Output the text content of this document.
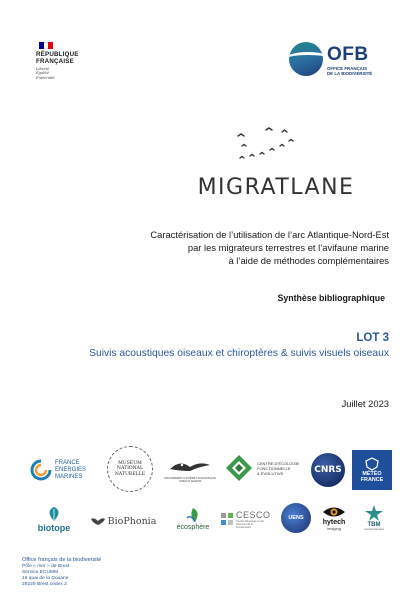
RÉPUBLIQUE
FRANÇAISE
Liberté
Égalité
Fraternité
OFB
OFFICE FRANÇAIS
DE LA BIODIVERSITÉ
MIGRATLANE
Caractérisation de l’utilisation de l’arc Atlantique-Nord-Est
par les migrateurs terrestres et l’avifaune marine
à l’aide de méthodes complémentaires
Synthèse bibliographique
LOT 3
Suivis acoustiques oiseaux et chiroptères & suivis visuels oiseaux
Juillet 2023
FRANCE
ENERGIES
MARINES
MUSÉUM
NATIONAL
NATURELLE
GROUPEMENT D’INTÉRÊT SCIENTIFIQUE OISEAUX MARINS
CENTRE D’ÉCOLOGIE
FONCTIONNELLE
& ÉVOLUTIVE	CNRS	MÉTÉO
FRANCE
biotope
BioPhonia
écosphère
CESCO
Centre d’Écologie et des Sciences de la Conservation
UENS
hytech
imaging
TBM
environnement
Office français de la biodiversité
Pôle « mer » de Brest
Service ECUMM
16 quai de la Douane
29229 Brest cedex 2
